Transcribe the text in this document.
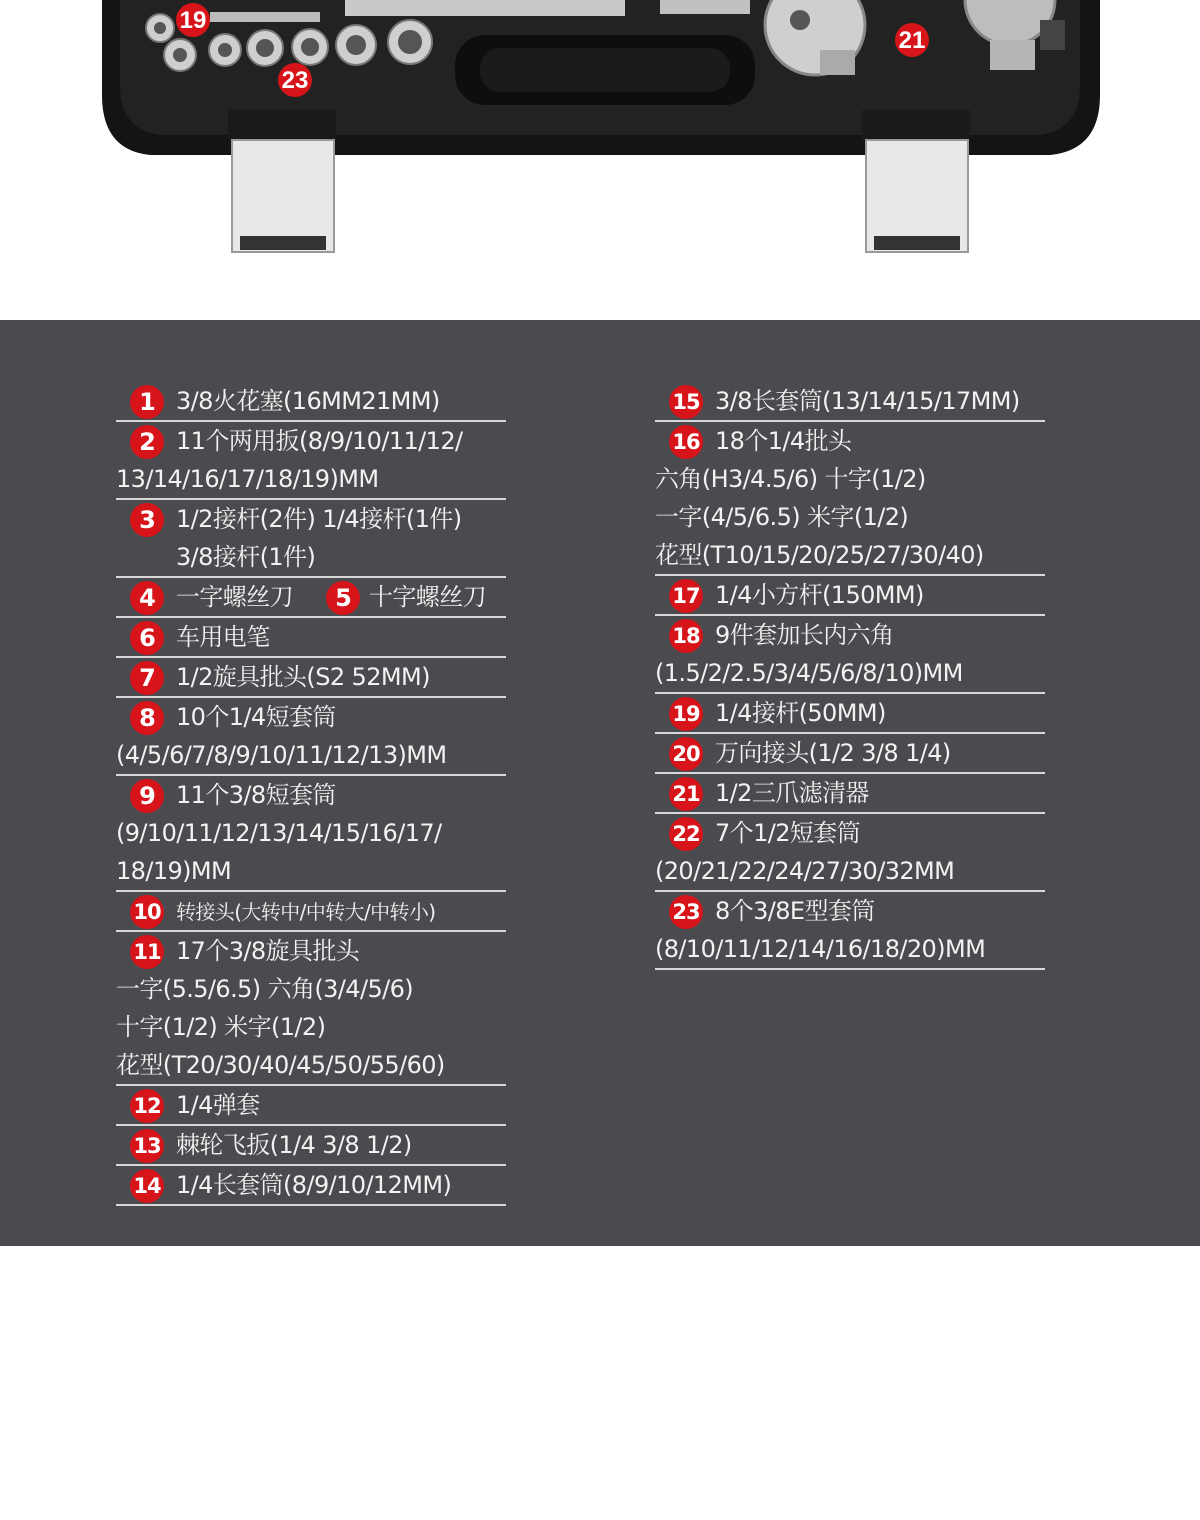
19
23
21
1 3/8火花塞(16MM21MM)
2 11个两用扳(8/9/10/11/12/
13/14/16/17/18/19)MM
3 1/2接杆(2件) 1/4接杆(1件)
3/8接杆(1件)
4 一字螺丝刀	5 十字螺丝刀
6 车用电笔
7 1/2旋具批头(S2 52MM)
8 10个1/4短套筒
(4/5/6/7/8/9/10/11/12/13)MM
9 11个3/8短套筒
(9/10/11/12/13/14/15/16/17/
18/19)MM
10 转接头(大转中/中转大/中转小)
11 17个3/8旋具批头
一字(5.5/6.5) 六角(3/4/5/6)
十字(1/2) 米字(1/2)
花型(T20/30/40/45/50/55/60)
12 1/4弹套
13 棘轮飞扳(1/4 3/8 1/2)
14 1/4长套筒(8/9/10/12MM)
15 3/8长套筒(13/14/15/17MM)
16 18个1/4批头
六角(H3/4.5/6) 十字(1/2)
一字(4/5/6.5) 米字(1/2)
花型(T10/15/20/25/27/30/40)
17 1/4小方杆(150MM)
18 9件套加长内六角
(1.5/2/2.5/3/4/5/6/8/10)MM
19 1/4接杆(50MM)
20 万向接头(1/2 3/8 1/4)
21 1/2三爪滤清器
22 7个1/2短套筒
(20/21/22/24/27/30/32MM
23 8个3/8E型套筒
(8/10/11/12/14/16/18/20)MM
